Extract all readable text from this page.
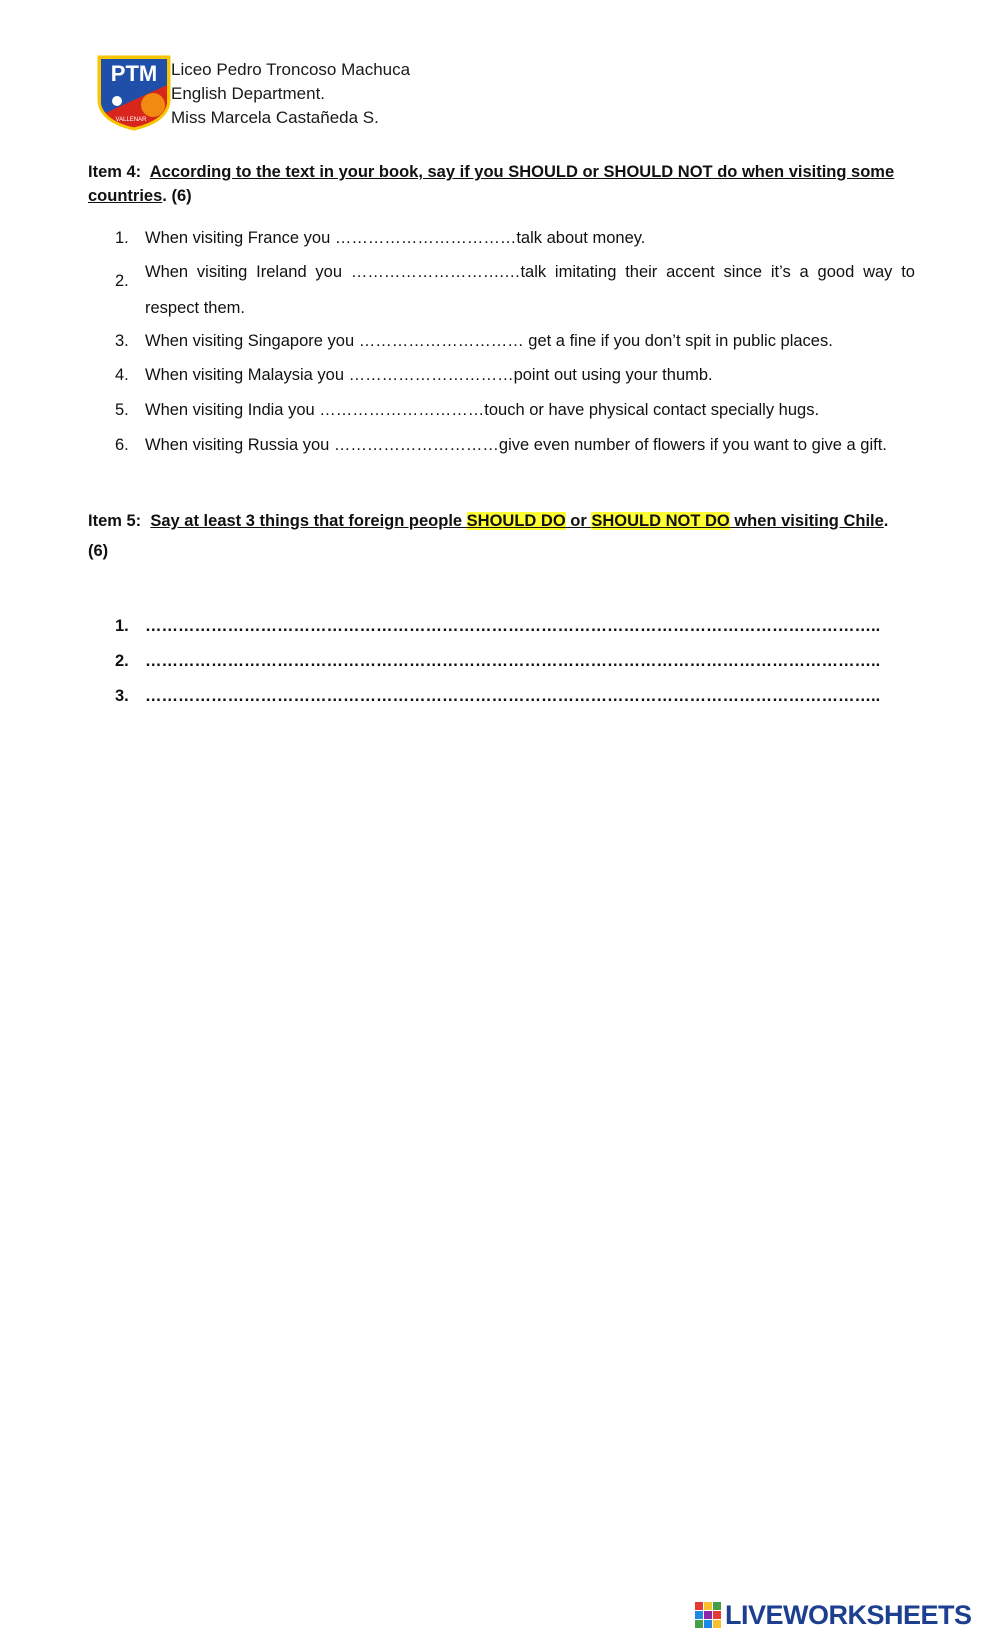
PTM
VALLENAR
Liceo Pedro Troncoso Machuca
English Department.
Miss Marcela Castañeda S.
Item 4: According to the text in your book, say if you SHOULD or SHOULD NOT do when visiting some countries. (6)
1. When visiting France you ……………………………talk about money.
2. When visiting Ireland you ……………………….…talk imitating their accent since it’s a good way to respect them.
3. When visiting Singapore you ………………………… get a fine if you don’t spit in public places.
4. When visiting Malaysia you …………………………point out using your thumb.
5. When visiting India you …………………………touch or have physical contact specially hugs.
6. When visiting Russia you …………………………give even number of flowers if you want to give a gift.
Item 5: Say at least 3 things that foreign people SHOULD DO or SHOULD NOT DO when visiting Chile.
(6)
1. ……………………………………………………………………………………………………………………..
2. ……………………………………………………………………………………………………………………..
3. ……………………………………………………………………………………………………………………..
LIVEWORKSHEETS
